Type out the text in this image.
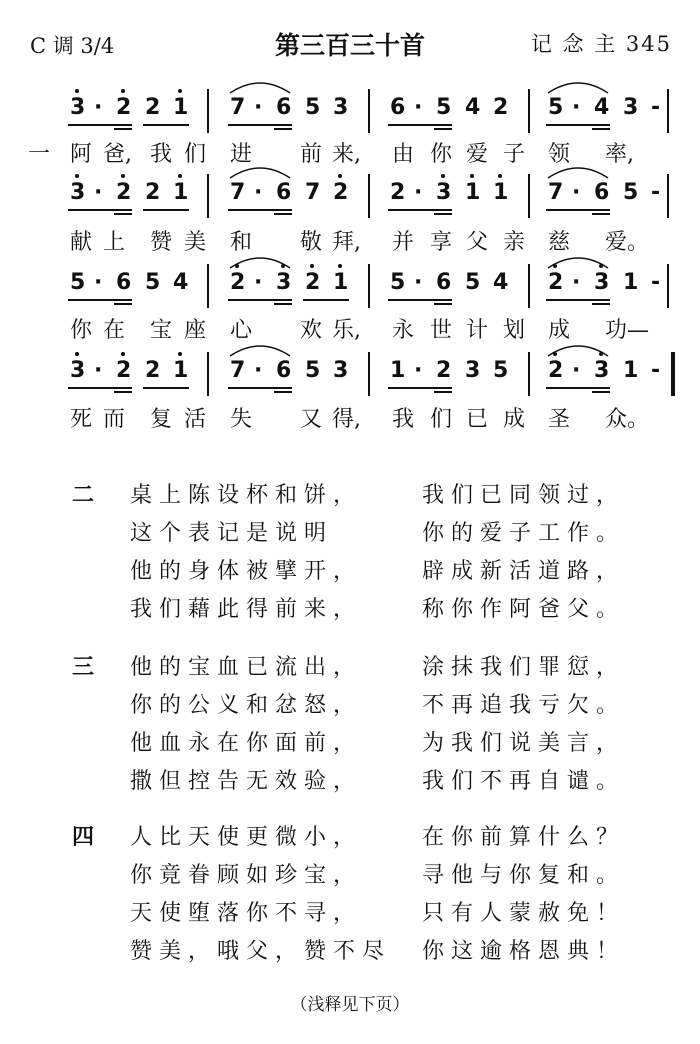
C 调 3/4	第三百三十首	记 念 主 345
3 · 2 2 1 7 · 6 5 3 6 · 5 4 2 5 · 4 3 -
阿 爸, 我 们 进 前 来, 由 你 爱 子 领 率,
3 · 2 2 1 7 · 6 7 2 2 · 3 1 1 7 · 6 5 -
献 上 赞 美 和 敬 拜, 并 享 父 亲 慈 爱。
5 · 6 5 4 2 · 3 2 1 5 · 6 5 4 2 · 3 1 -
你 在 宝 座 心 欢 乐, 永 世 计 划 成 功—
3 · 2 2 1 7 · 6 5 3 1 · 2 3 5 2 · 3 1 -
死 而 复 活 失 又 得, 我 们 已 成 圣 众。
一
二 桌上陈设杯和饼，	我们已同领过，
这个表记是说明	你的爱子工作。
他的身体被擘开，	辟成新活道路，
我们藉此得前来，	称你作阿爸父。
三 他的宝血已流出，	涂抹我们罪愆，
你的公义和忿怒，	不再追我亏欠。
他血永在你面前，	为我们说美言，
撒但控告无效验，	我们不再自谴。
四 人比天使更微小，	在你前算什么？
你竟眷顾如珍宝，	寻他与你复和。
天使堕落你不寻，	只有人蒙赦免！
赞美，哦父，赞不尽 你这逾格恩典！
（浅释见下页）
